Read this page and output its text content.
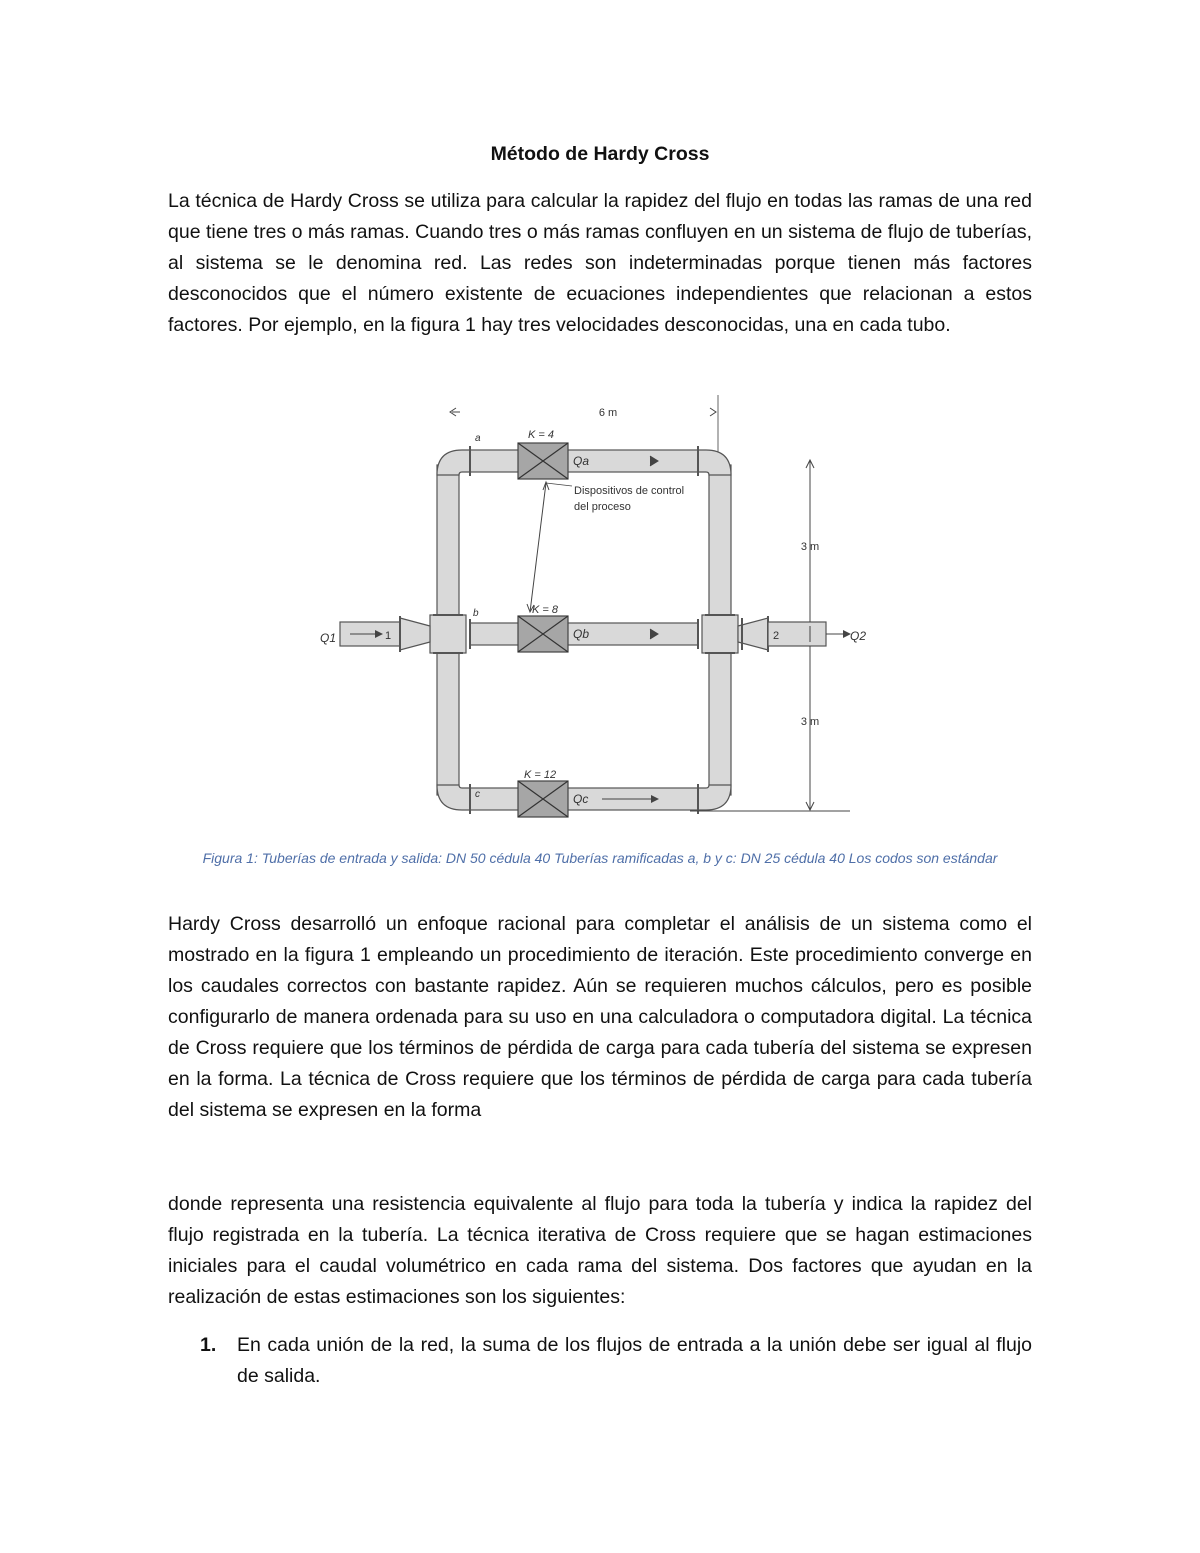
Método de Hardy Cross

La técnica de Hardy Cross se utiliza para calcular la rapidez del flujo en todas las ramas de una red que tiene tres o más ramas. Cuando tres o más ramas confluyen en un sistema de flujo de tuberías, al sistema se le denomina red. Las redes son indeterminadas porque tienen más factores desconocidos que el número existente de ecuaciones independientes que relacionan a estos factores. Por ejemplo, en la figura 1 hay tres velocidades desconocidas, una en cada tubo.

6 m
Q1	1	Q2
2
K = 4
K = 8
K = 12
Qa
Qb
Qc
a
b
c
Dispositivos de control
del proceso
3 m
3 m
Figura 1: Tuberías de entrada y salida: DN 50 cédula 40 Tuberías ramificadas a, b y c: DN 25 cédula 40 Los codos son estándar

Hardy Cross desarrolló un enfoque racional para completar el análisis de un sistema como el mostrado en la figura 1 empleando un procedimiento de iteración. Este procedimiento converge en los caudales correctos con bastante rapidez. Aún se requieren muchos cálculos, pero es posible configurarlo de manera ordenada para su uso en una calculadora o computadora digital. La técnica de Cross requiere que los términos de pérdida de carga para cada tubería del sistema se expresen en la forma. La técnica de Cross requiere que los términos de pérdida de carga para cada tubería del sistema se expresen en la forma

donde representa una resistencia equivalente al flujo para toda la tubería y indica la rapidez del flujo registrada en la tubería. La técnica iterativa de Cross requiere que se hagan estimaciones iniciales para el caudal volumétrico en cada rama del sistema. Dos factores que ayudan en la realización de estas estimaciones son los siguientes:

1. En cada unión de la red, la suma de los flujos de entrada a la unión debe ser igual al flujo de salida.
